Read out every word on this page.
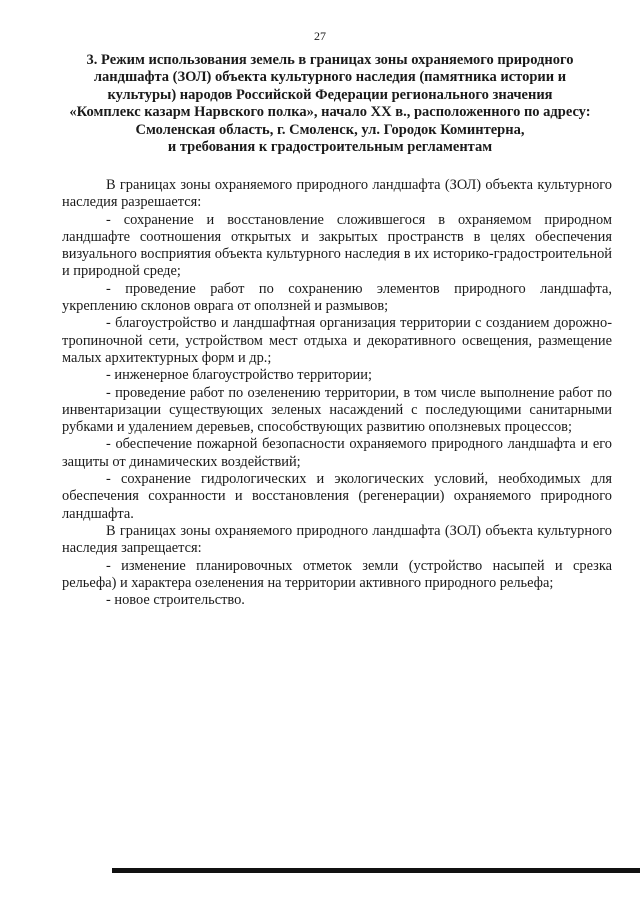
27
3. Режим использования земель в границах зоны охраняемого природного
ландшафта (ЗОЛ) объекта культурного наследия (памятника истории и
культуры) народов Российской Федерации регионального значения
«Комплекс казарм Нарвского полка», начало XX в., расположенного по адресу:
Смоленская область, г. Смоленск, ул. Городок Коминтерна,
и требования к градостроительным регламентам

В границах зоны охраняемого природного ландшафта (ЗОЛ) объекта культурного наследия разрешается:

- сохранение и восстановление сложившегося в охраняемом природном ландшафте соотношения открытых и закрытых пространств в целях обеспечения визуального восприятия объекта культурного наследия в их историко-градостроительной и природной среде;

- проведение работ по сохранению элементов природного ландшафта, укреплению склонов оврага от оползней и размывов;

- благоустройство и ландшафтная организация территории с созданием дорожно-тропиночной сети, устройством мест отдыха и декоративного освещения, размещение малых архитектурных форм и др.;

- инженерное благоустройство территории;

- проведение работ по озеленению территории, в том числе выполнение работ по инвентаризации существующих зеленых насаждений с последующими санитарными рубками и удалением деревьев, способствующих развитию оползневых процессов;

- обеспечение пожарной безопасности охраняемого природного ландшафта и его защиты от динамических воздействий;

- сохранение гидрологических и экологических условий, необходимых для обеспечения сохранности и восстановления (регенерации) охраняемого природного ландшафта.

В границах зоны охраняемого природного ландшафта (ЗОЛ) объекта культурного наследия запрещается:

- изменение планировочных отметок земли (устройство насыпей и срезка рельефа) и характера озеленения на территории активного природного рельефа;

- новое строительство.
